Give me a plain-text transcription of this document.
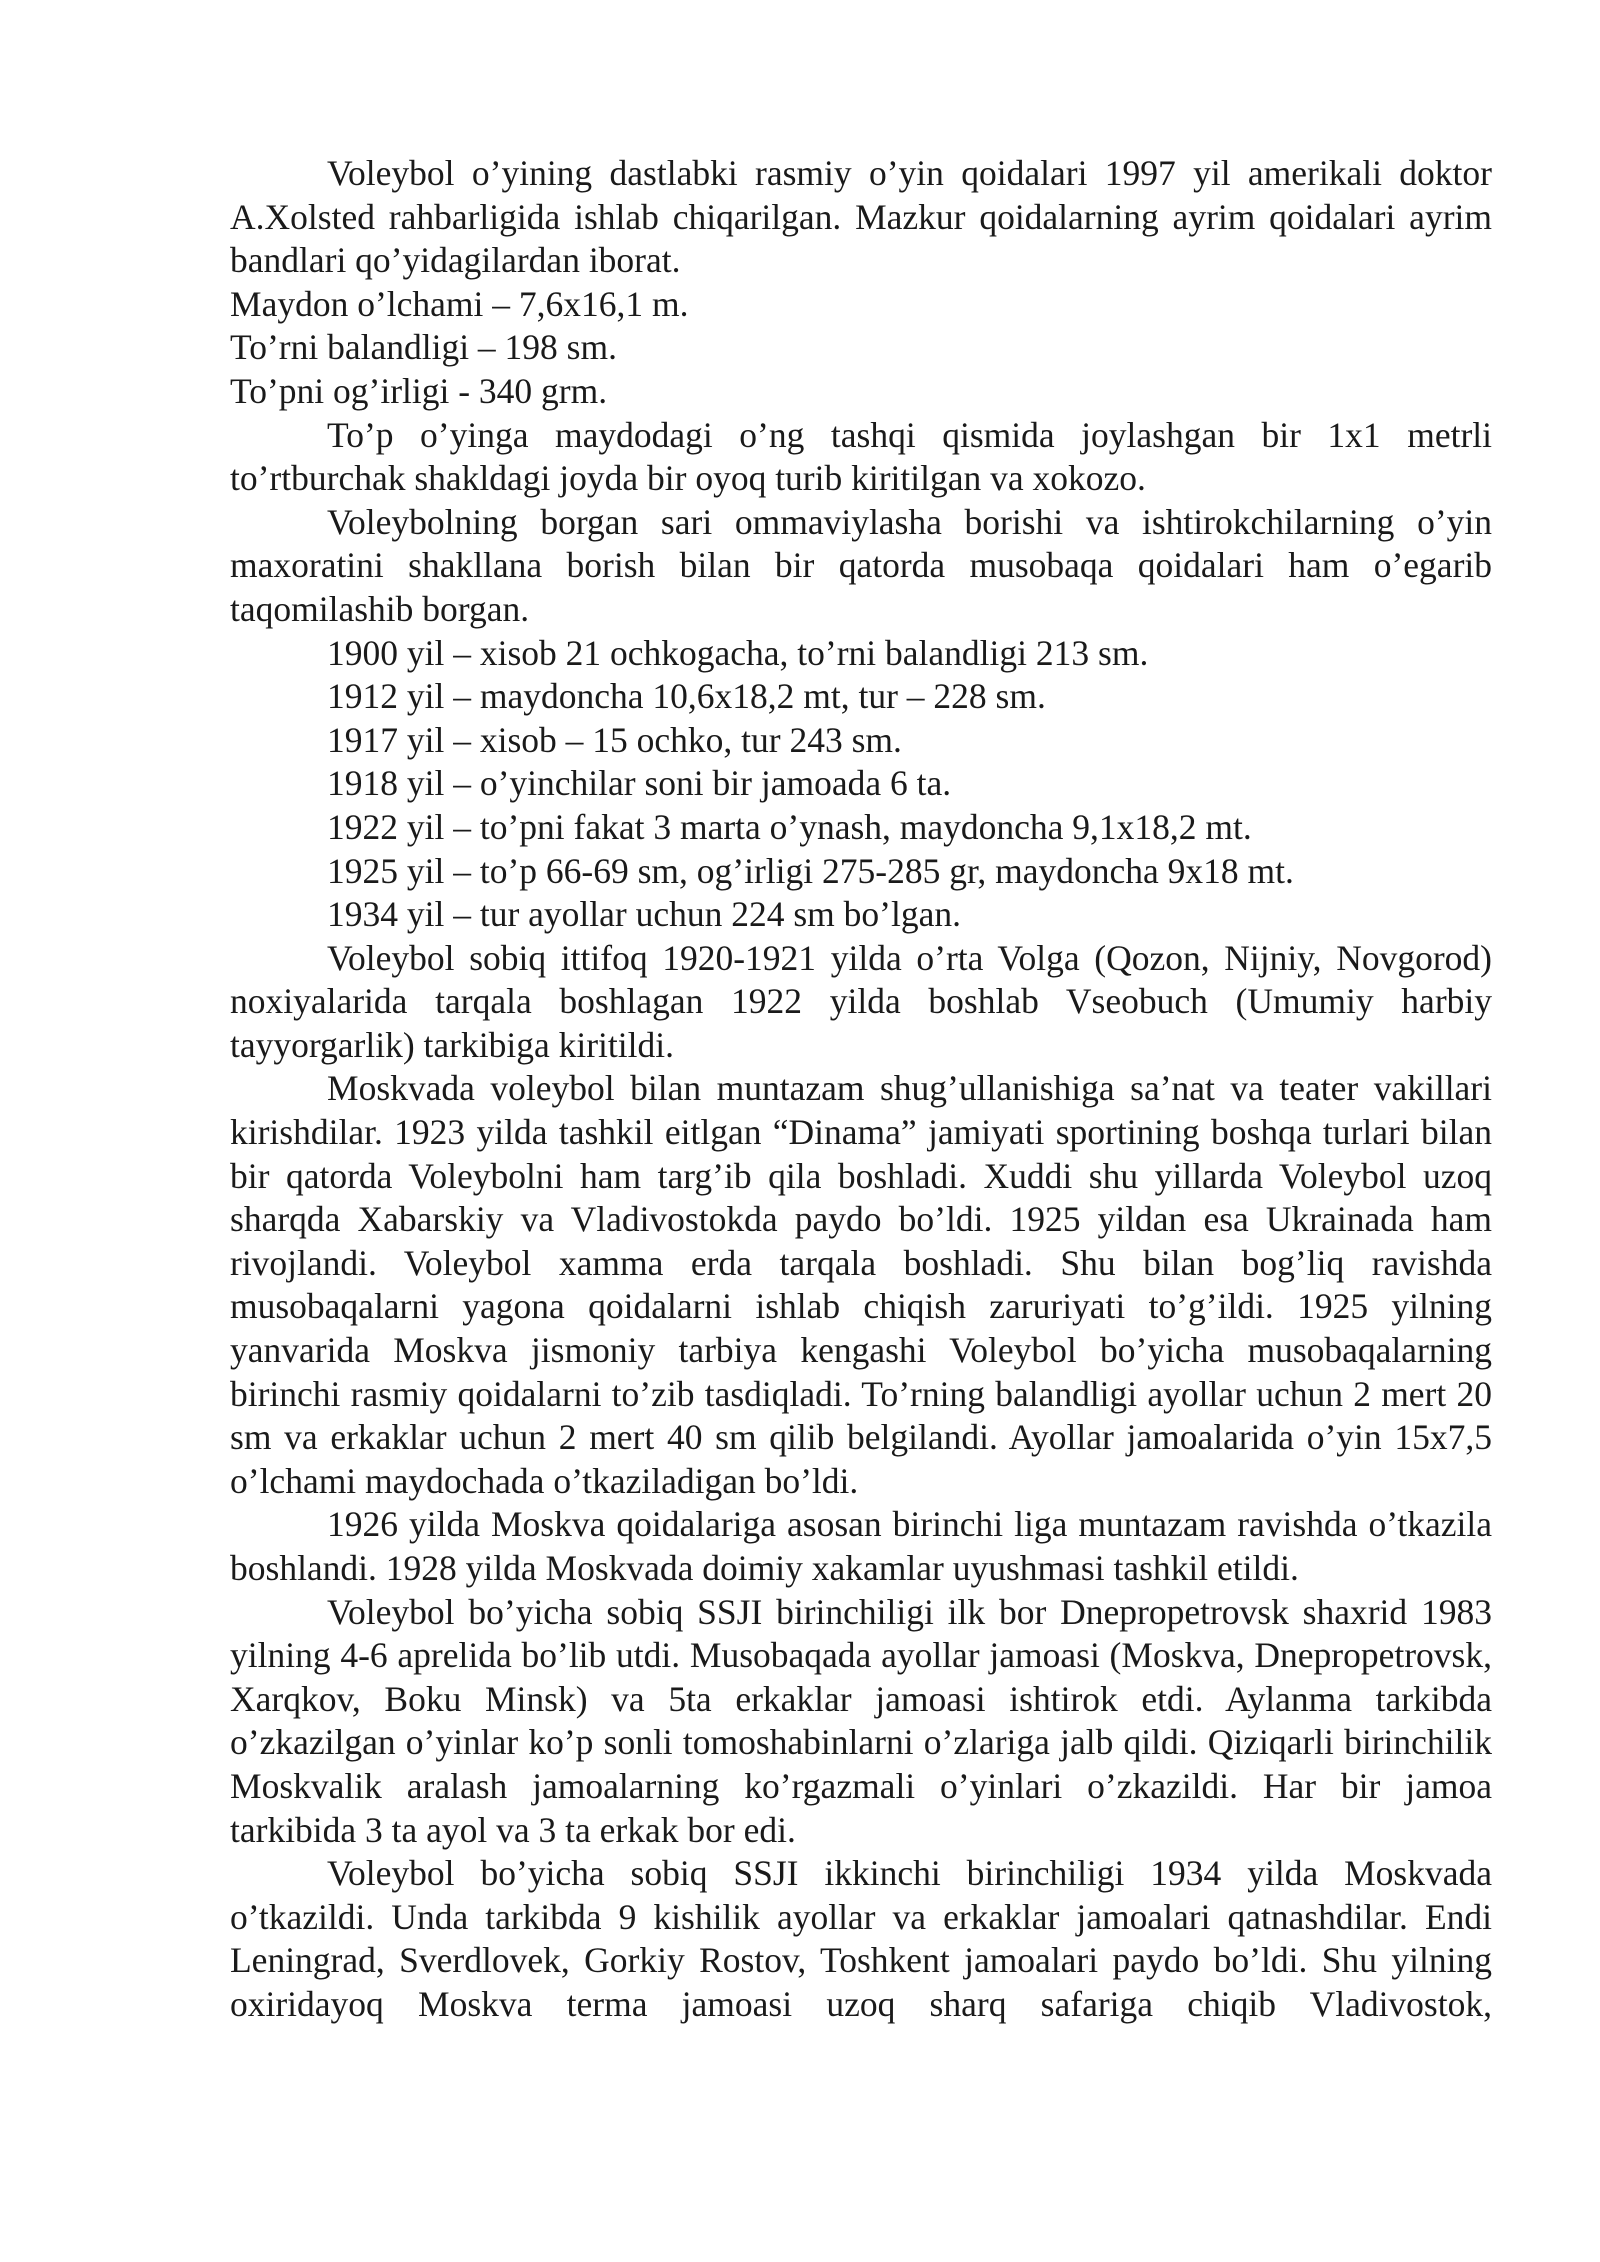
Voleybol o’yining dastlabki rasmiy o’yin qoidalari 1997 yil amerikali doktor A.Xolsted rahbarligida ishlab chiqarilgan. Mazkur qoidalarning ayrim qoidalari ayrim bandlari qo’yidagilardan iborat.

Maydon o’lchami – 7,6x16,1 m.

To’rni balandligi – 198 sm.

To’pni og’irligi - 340 grm.

To’p o’yinga maydodagi o’ng tashqi qismida joylashgan bir 1x1 metrli to’rtburchak shakldagi joyda bir oyoq turib kiritilgan va xokozo.

Voleybolning borgan sari ommaviylasha borishi va ishtirokchilarning o’yin maxoratini shakllana borish bilan bir qatorda musobaqa qoidalari ham o’egarib taqomilashib borgan.

1900 yil – xisob 21 ochkogacha, to’rni balandligi 213 sm.

1912 yil – maydoncha 10,6x18,2 mt, tur – 228 sm.

1917 yil – xisob – 15 ochko, tur 243 sm.

1918 yil – o’yinchilar soni bir jamoada 6 ta.

1922 yil – to’pni fakat 3 marta o’ynash, maydoncha 9,1x18,2 mt.

1925 yil – to’p 66-69 sm, og’irligi 275-285 gr, maydoncha 9x18 mt.

1934 yil – tur ayollar uchun 224 sm bo’lgan.

Voleybol sobiq ittifoq 1920-1921 yilda o’rta Volga (Qozon, Nijniy, Novgorod) noxiyalarida tarqala boshlagan 1922 yilda boshlab Vseobuch (Umumiy harbiy tayyorgarlik) tarkibiga kiritildi.

Moskvada voleybol bilan muntazam shug’ullanishiga sa’nat va teater vakillari kirishdilar. 1923 yilda tashkil eitlgan “Dinama” jamiyati sportining boshqa turlari bilan bir qatorda Voleybolni ham targ’ib qila boshladi. Xuddi shu yillarda Voleybol uzoq sharqda Xabarskiy va Vladivostokda paydo bo’ldi. 1925 yildan esa Ukrainada ham rivojlandi. Voleybol xamma erda tarqala boshladi. Shu bilan bog’liq ravishda musobaqalarni yagona qoidalarni ishlab chiqish zaruriyati to’g’ildi. 1925 yilning yanvarida Moskva jismoniy tarbiya kengashi Voleybol bo’yicha musobaqalarning birinchi rasmiy qoidalarni to’zib tasdiqladi. To’rning balandligi ayollar uchun 2 mert 20 sm va erkaklar uchun 2 mert 40 sm qilib belgilandi. Ayollar jamoalarida o’yin 15x7,5 o’lchami maydochada o’tkaziladigan bo’ldi.

1926 yilda Moskva qoidalariga asosan birinchi liga muntazam ravishda o’tkazila boshlandi. 1928 yilda Moskvada doimiy xakamlar uyushmasi tashkil etildi.

Voleybol bo’yicha sobiq SSJI birinchiligi ilk bor Dnepropetrovsk shaxrid 1983 yilning 4-6 aprelida bo’lib utdi. Musobaqada ayollar jamoasi (Moskva, Dnepropetrovsk, Xarqkov, Boku Minsk) va 5ta erkaklar jamoasi ishtirok etdi. Aylanma tarkibda o’zkazilgan o’yinlar ko’p sonli tomoshabinlarni o’zlariga jalb qildi. Qiziqarli birinchilik Moskvalik aralash jamoalarning ko’rgazmali o’yinlari o’zkazildi. Har bir jamoa tarkibida 3 ta ayol va 3 ta erkak bor edi.

Voleybol bo’yicha sobiq SSJI ikkinchi birinchiligi 1934 yilda Moskvada o’tkazildi. Unda tarkibda 9 kishilik ayollar va erkaklar jamoalari qatnashdilar. Endi Leningrad, Sverdlovek, Gorkiy Rostov, Toshkent jamoalari paydo bo’ldi. Shu yilning oxiridayoq Moskva terma jamoasi uzoq sharq safariga chiqib Vladivostok,
